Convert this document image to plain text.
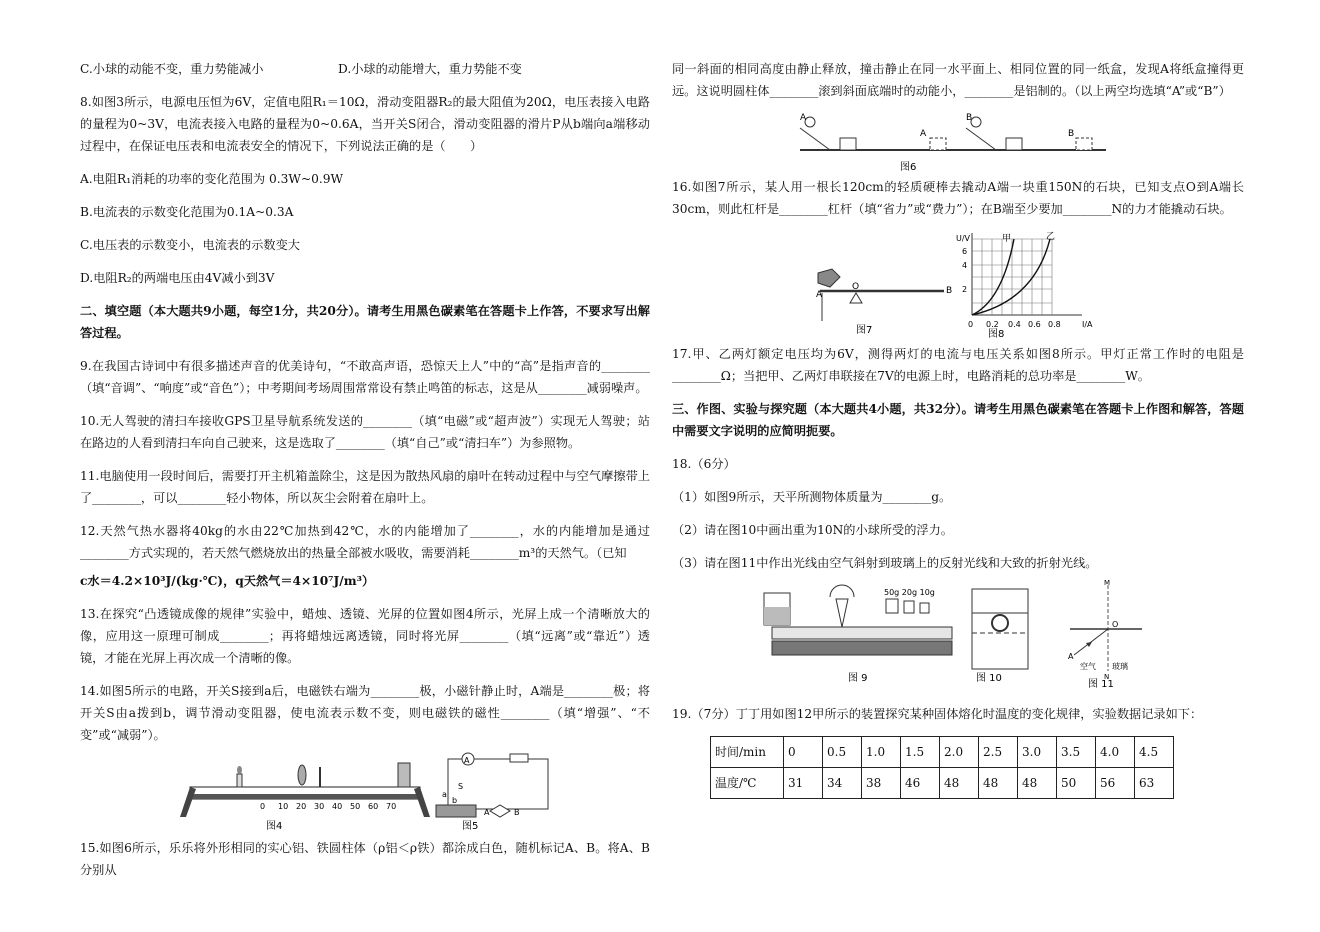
C.小球的动能不变，重力势能减小	D.小球的动能增大，重力势能不变
8.如图3所示，电源电压恒为6V，定值电阻R₁＝10Ω，滑动变阻器R₂的最大阻值为20Ω，电压表接入电路的量程为0~3V，电流表接入电路的量程为0~0.6A，当开关S闭合，滑动变阻器的滑片P从b端向a端移动过程中，在保证电压表和电流表安全的情况下，下列说法正确的是（　　）
A.电阻R₁消耗的功率的变化范围为 0.3W~0.9W
B.电流表的示数变化范围为0.1A~0.3A
C.电压表的示数变小，电流表的示数变大
D.电阻R₂的两端电压由4V减小到3V
二、填空题（本大题共9小题，每空1分，共20分）。请考生用黑色碳素笔在答题卡上作答，不要求写出解答过程。
9.在我国古诗词中有很多描述声音的优美诗句，“不敢高声语，恐惊天上人”中的“高”是指声音的________（填“音调”、“响度”或“音色”）；中考期间考场周围常常设有禁止鸣笛的标志，这是从________减弱噪声。
10.无人驾驶的清扫车接收GPS卫星导航系统发送的________（填“电磁”或“超声波”）实现无人驾驶；站在路边的人看到清扫车向自己驶来，这是选取了________（填“自己”或“清扫车”）为参照物。
11.电脑使用一段时间后，需要打开主机箱盖除尘，这是因为散热风扇的扇叶在转动过程中与空气摩擦带上了________，可以________轻小物体，所以灰尘会附着在扇叶上。
12.天然气热水器将40kg的水由22℃加热到42℃，水的内能增加了________，水的内能增加是通过________方式实现的，若天然气燃烧放出的热量全部被水吸收，需要消耗________m³的天然气。（已知
c水＝4.2×10³J/(kg·℃)，q天然气＝4×10⁷J/m³）
13.在探究“凸透镜成像的规律”实验中，蜡烛、透镜、光屏的位置如图4所示，光屏上成一个清晰放大的像，应用这一原理可制成________；再将蜡烛远离透镜，同时将光屏________（填“远离”或“靠近”）透镜，才能在光屏上再次成一个清晰的像。
14.如图5所示的电路，开关S接到a后，电磁铁右端为________极，小磁针静止时，A端是________极；将开关S由a拨到b，调节滑动变阻器，使电流表示数不变，则电磁铁的磁性________（填“增强”、“不变”或“减弱”）。
0 10 20 30 40 50 60 70
图4
A
a
S
b
A	B
图5
15.如图6所示，乐乐将外形相同的实心铝、铁圆柱体（ρ铝＜ρ铁）都涂成白色，随机标记A、B。将A、B分别从
同一斜面的相同高度由静止释放，撞击静止在同一水平面上、相同位置的同一纸盒，发现A将纸盒撞得更远。这说明圆柱体________滚到斜面底端时的动能小，________是铝制的。（以上两空均选填“A”或“B”）
A
A
B
B
图6
16.如图7所示，某人用一根长120cm的轻质硬棒去撬动A端一块重150N的石块，已知支点O到A端长30cm，则此杠杆是________杠杆（填“省力”或“费力”）；在B端至少要加________N的力才能撬动石块。
A
O	B
图7
U/V
I/A
甲	乙
2
4
6
0 0.2 0.4 0.6 0.8
图8
17.甲、乙两灯额定电压均为6V，测得两灯的电流与电压关系如图8所示。甲灯正常工作时的电阻是________Ω；当把甲、乙两灯串联接在7V的电源上时，电路消耗的总功率是________W。
三、作图、实验与探究题（本大题共4小题，共32分）。请考生用黑色碳素笔在答题卡上作图和解答，答题中需要文字说明的应简明扼要。
18.（6分）
（1）如图9所示，天平所测物体质量为________g。
（2）请在图10中画出重为10N的小球所受的浮力。
（3）请在图11中作出光线由空气斜射到玻璃上的反射光线和大致的折射光线。
50g 20g 10g
图 9	图 10
M
N
A
O
空气 玻璃
图 11
19.（7分）丁丁用如图12甲所示的装置探究某种固体熔化时温度的变化规律，实验数据记录如下：
时间/min	0	0.5	1.0	1.5	2.0	2.5	3.0	3.5	4.0	4.5
温度/℃	31	34	38	46	48	48	48	50	56	63
